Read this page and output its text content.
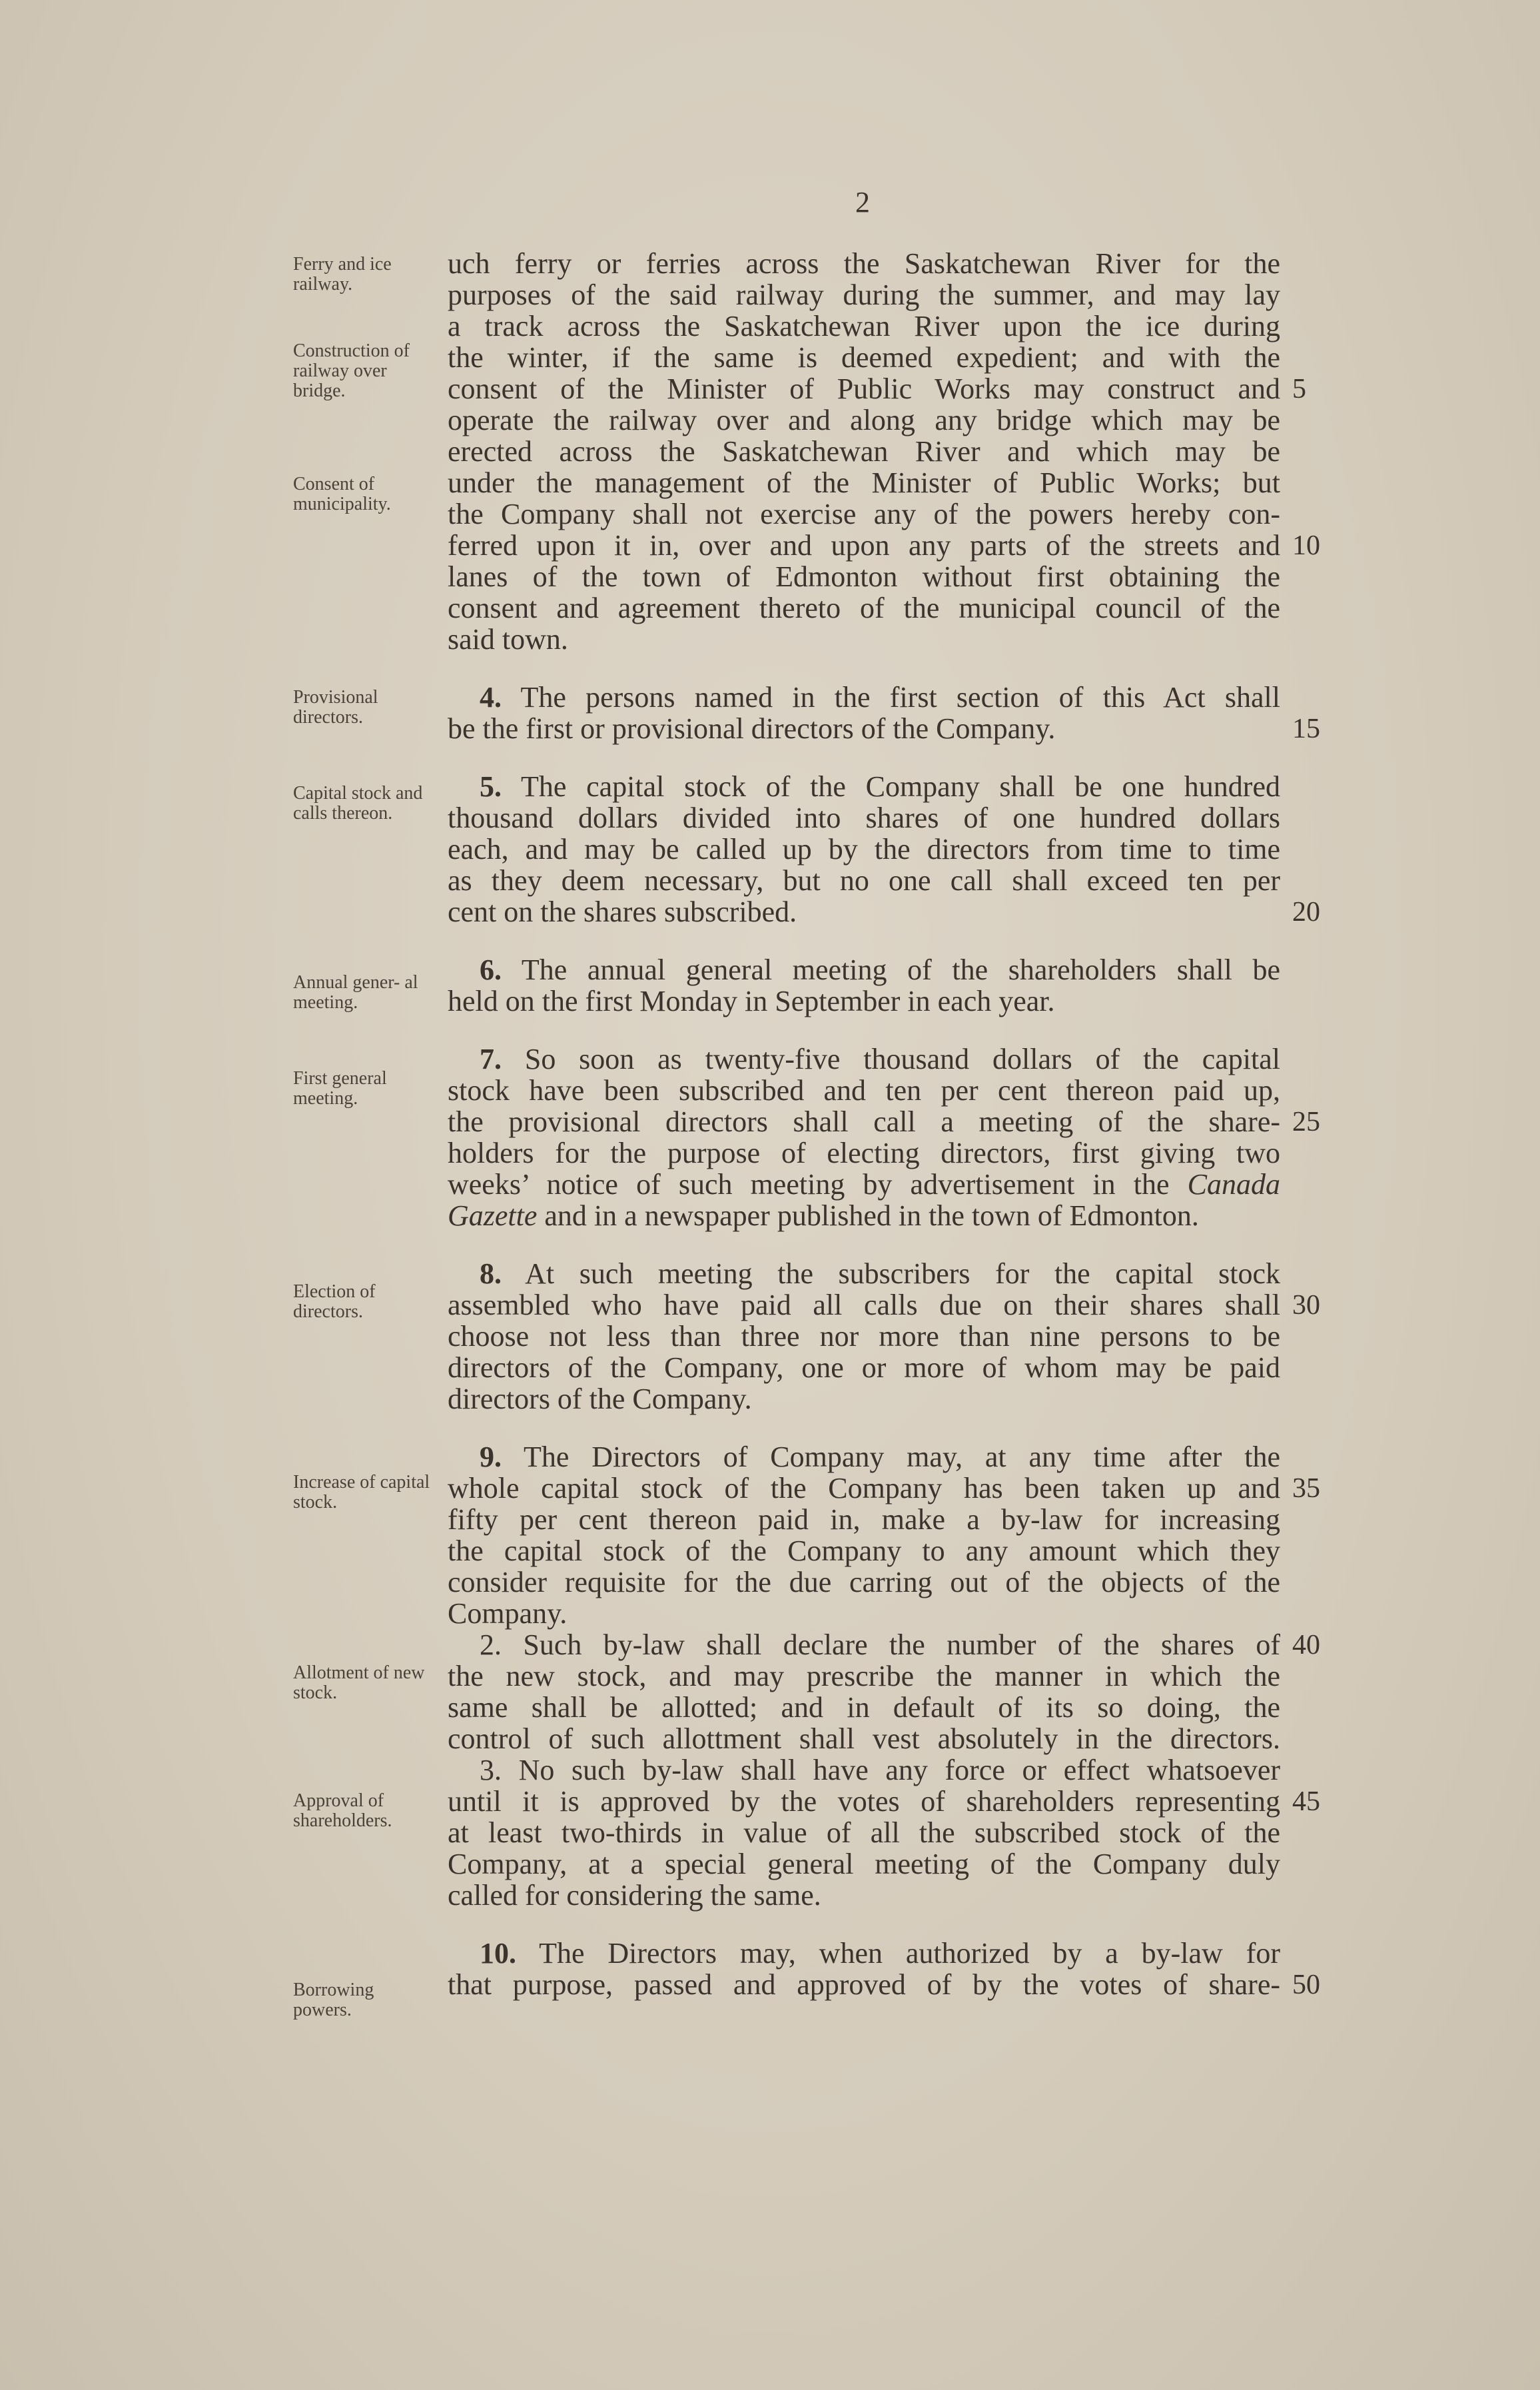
2
Ferry and ice railway.
Construction of railway over bridge.
Consent of municipality.
Provisional directors.
Capital stock and calls thereon.
Annual gener- al meeting.
First general meeting.
Election of directors.
Increase of capital stock.
Allotment of new stock.
Approval of shareholders.
Borrowing powers.
uch ferry or ferries across the Saskatchewan River for the
purposes of the said railway during the summer, and may lay
a track across the Saskatchewan River upon the ice during
the winter, if the same is deemed expedient; and with the
consent of the Minister of Public Works may construct and 5
operate the railway over and along any bridge which may be
erected across the Saskatchewan River and which may be
under the management of the Minister of Public Works; but
the Company shall not exercise any of the powers hereby con-
ferred upon it in, over and upon any parts of the streets and 10
lanes of the town of Edmonton without first obtaining the
consent and agreement thereto of the municipal council of the
said town.
4. The persons named in the first section of this Act shall
be the first or provisional directors of the Company.	15
5. The capital stock of the Company shall be one hundred
thousand dollars divided into shares of one hundred dollars
each, and may be called up by the directors from time to time
as they deem necessary, but no one call shall exceed ten per
cent on the shares subscribed.	20
6. The annual general meeting of the shareholders shall be
held on the first Monday in September in each year.
7. So soon as twenty-five thousand dollars of the capital
stock have been subscribed and ten per cent thereon paid up,
the provisional directors shall call a meeting of the share- 25
holders for the purpose of electing directors, first giving two
weeks’ notice of such meeting by advertisement in the Canada
Gazette and in a newspaper published in the town of Edmonton.
8. At such meeting the subscribers for the capital stock
assembled who have paid all calls due on their shares shall 30
choose not less than three nor more than nine persons to be
directors of the Company, one or more of whom may be paid
directors of the Company.
9. The Directors of Company may, at any time after the
whole capital stock of the Company has been taken up and 35
fifty per cent thereon paid in, make a by-law for increasing
the capital stock of the Company to any amount which they
consider requisite for the due carring out of the objects of the
Company.
2. Such by-law shall declare the number of the shares of 40
the new stock, and may prescribe the manner in which the
same shall be allotted; and in default of its so doing, the
control of such allottment shall vest absolutely in the directors.
3. No such by-law shall have any force or effect whatsoever
until it is approved by the votes of shareholders representing 45
at least two-thirds in value of all the subscribed stock of the
Company, at a special general meeting of the Company duly
called for considering the same.
10. The Directors may, when authorized by a by-law for
that purpose, passed and approved of by the votes of share- 50
